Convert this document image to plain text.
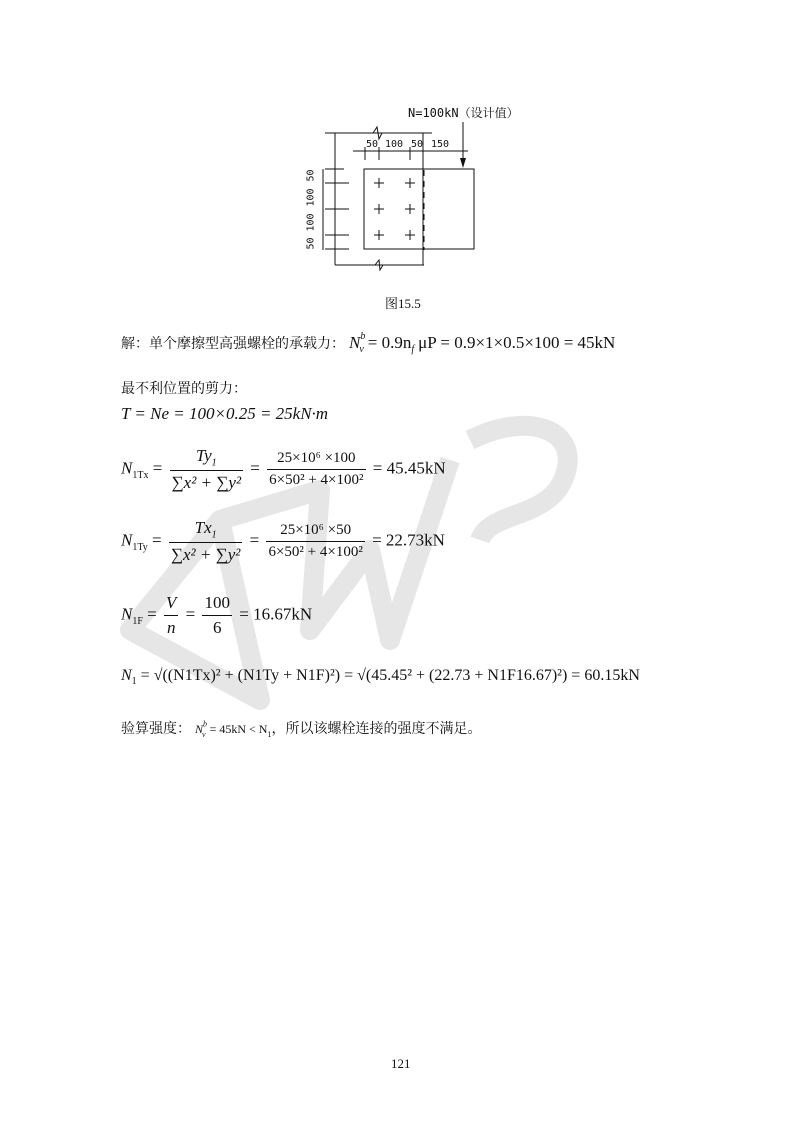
N=100kN（设计值）
50 100 50 150
50
100
100
50
图15.5
解：单个摩擦型高强螺栓的承载力： $N^b_v = 0.9n_f$ μP = 0.9×1×0.5×100 = 45kN
最不利位置的剪力：
T = Ne = 100×0.25 = 25kN·m
$N_{1Tx} = \frac{Ty_1}{\text{∑x² + ∑y²}} = \frac{\text{25×10⁶ ×100}}{\text{6×50² + 4×100²}} = 45.45kN$
$N_{1Ty} = \frac{Tx_1}{\text{∑x² + ∑y²}} = \frac{\text{25×10⁶ ×50}}{\text{6×50² + 4×100²}} = 22.73kN$
$N_{1F} = \frac{V}{n} = \frac{100}{6} = 16.67kN$
$N_1 = √((N1Tx)^2 + (N1Ty + N1F)^2) = √(45.45^2 + (22.73 + N1F16.67)^2) = 60.15kN$
验算强度： $N^b_v = 45kN < N_1$，所以该螺栓连接的强度不满足。
121
